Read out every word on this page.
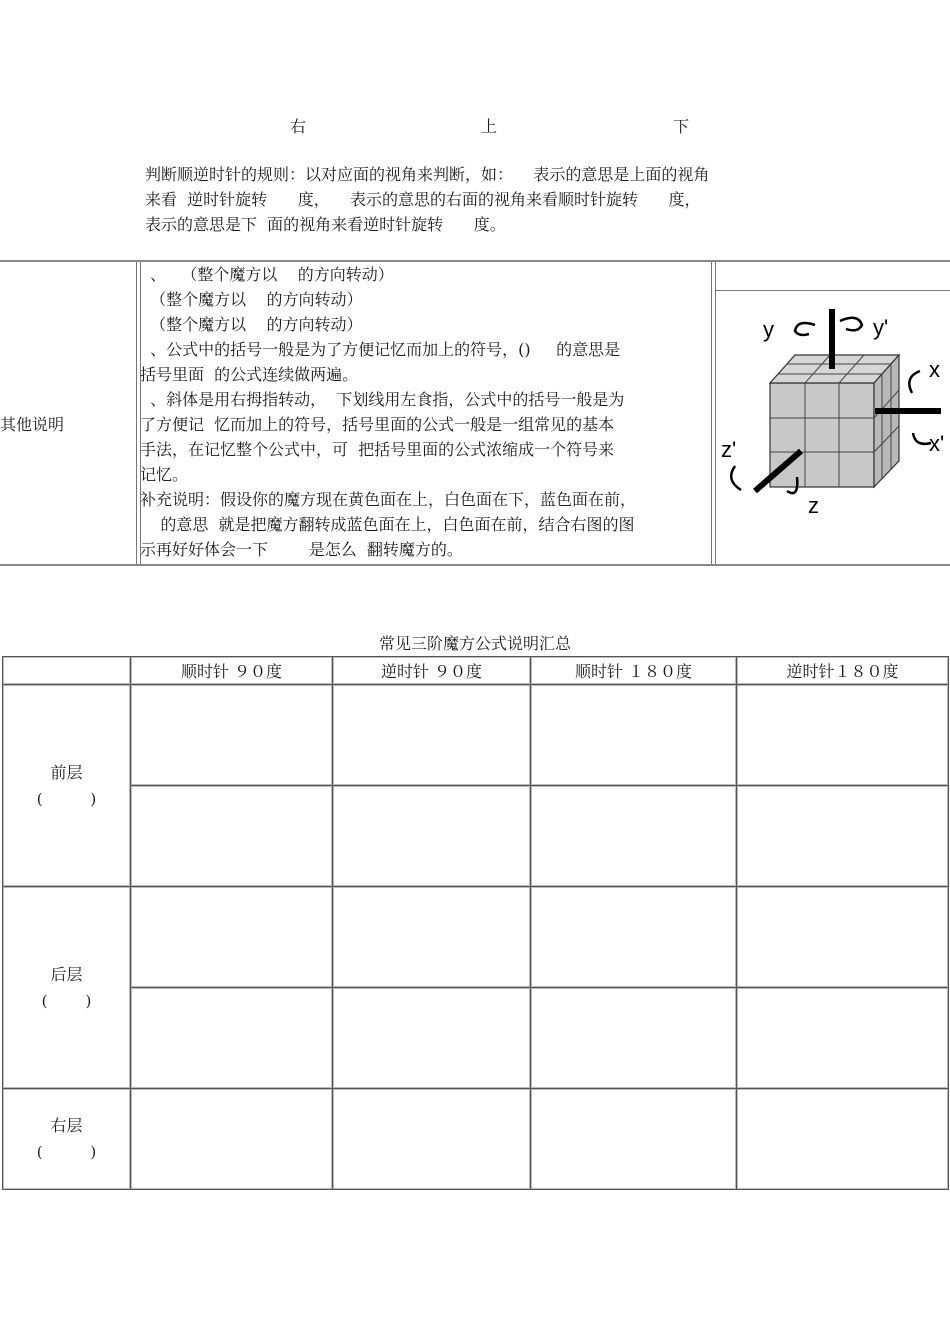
右	上	下
判断顺逆时针的规则：以对应面的视角来判断，如：    表示的意思是上面的视角
来看  逆时针旋转      度，    表示的意思的右面的视角来看顺时针旋转      度，
表示的意思是下  面的视角来看逆时针旋转      度。
其他说明
、   （整个魔方以    的方向转动）
（整个魔方以    的方向转动）
（整个魔方以    的方向转动）
、公式中的括号一般是为了方便记忆而加上的符号，()     的意思是
括号里面  的公式连续做两遍。
、斜体是用右拇指转动，  下划线用左食指，公式中的括号一般是为
了方便记  忆而加上的符号，括号里面的公式一般是一组常见的基本
手法，在记忆整个公式中，可  把括号里面的公式浓缩成一个符号来
记忆。
补充说明：假设你的魔方现在黄色面在上，白色面在下，蓝色面在前，
的意思  就是把魔方翻转成蓝色面在上，白色面在前，结合右图的图
示再好好体会一下        是怎么  翻转魔方的。
y	y'
x
x'
z
z'
常见三阶魔方公式说明汇总
	顺时针 ９０度	逆时针 ９０度	顺时针 １８０度	逆时针１８０度

前层
(          )				

后层
(        )				

右层
(          )				
